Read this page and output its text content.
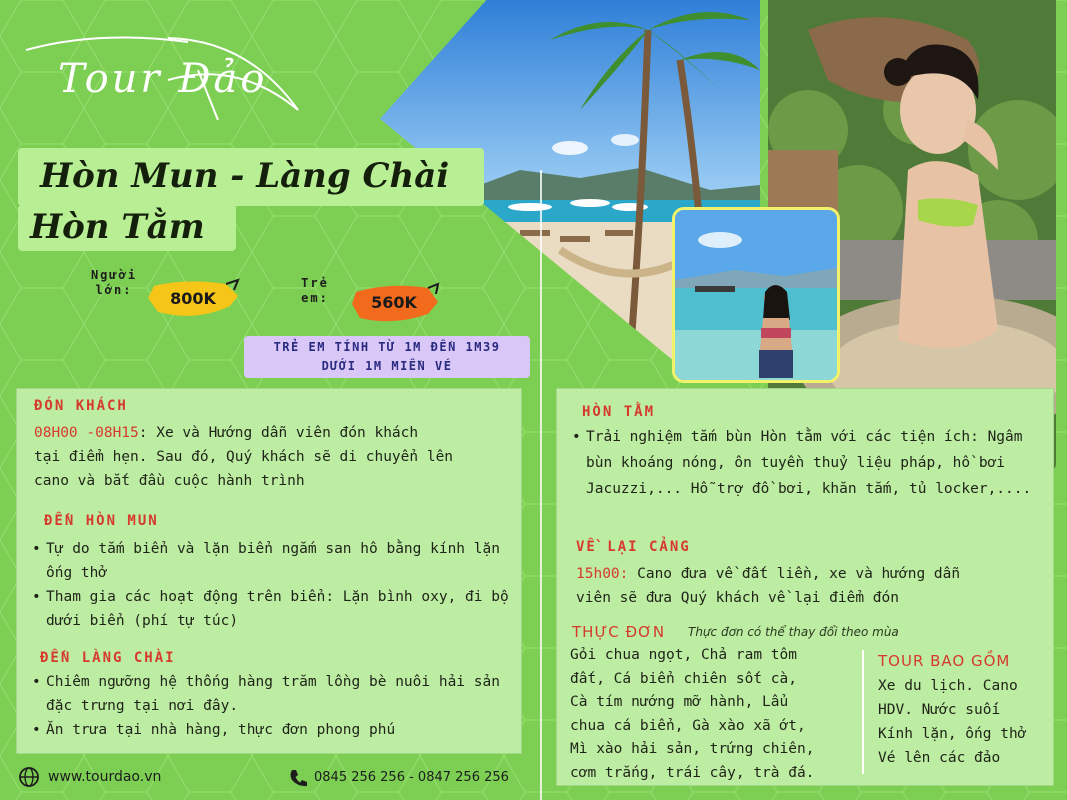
Tour Đảo
Hòn Mun - Làng Chài
Hòn Tằm
Người
lớn:	800K
Trẻ
em:	560K
TRẺ EM TÍNH TỪ 1M ĐẾN 1M39
DƯỚI 1M MIỄN VÉ
ĐÓN KHÁCH
08H00 -08H15: Xe và Hướng dẫn viên đón khách
tại điểm hẹn. Sau đó, Quý khách sẽ di chuyển lên
cano và bắt đầu cuộc hành trình
ĐẾN HÒN MUN
• Tự do tắm biển và lặn biển ngắm san hô bằng kính lặn ống thở
• Tham gia các hoạt động trên biển: Lặn bình oxy, đi bộ dưới biển (phí tự túc)
ĐẾN LÀNG CHÀI
• Chiêm ngưỡng hệ thống hàng trăm lồng bè nuôi hải sản đặc trưng tại nơi đây.
• Ăn trưa tại nhà hàng, thực đơn phong phú
HÒN TẰM
• Trải nghiệm tắm bùn Hòn tằm với các tiện ích: Ngâm bùn khoáng nóng, ôn tuyền thuỷ liệu pháp, hồ bơi Jacuzzi,... Hỗ trợ đồ bơi, khăn tắm, tủ locker,....
VỀ LẠI CẢNG
15h00: Cano đưa về đất liền, xe và hướng dẫn
viên sẽ đưa Quý khách về lại điểm đón
THỰC ĐƠN Thực đơn có thể thay đổi theo mùa
Gỏi chua ngọt, Chả ram tôm
đất, Cá biển chiên sốt cà,
Cà tím nướng mỡ hành, Lẩu
chua cá biển, Gà xào xã ớt,
Mì xào hải sản, trứng chiên,
cơm trắng, trái cây, trà đá.
TOUR BAO GỒM
Xe du lịch. Cano
HDV. Nước suối
Kính lặn, ống thở
Vé lên các đảo
www.tourdao.vn	0845 256 256 - 0847 256 256
